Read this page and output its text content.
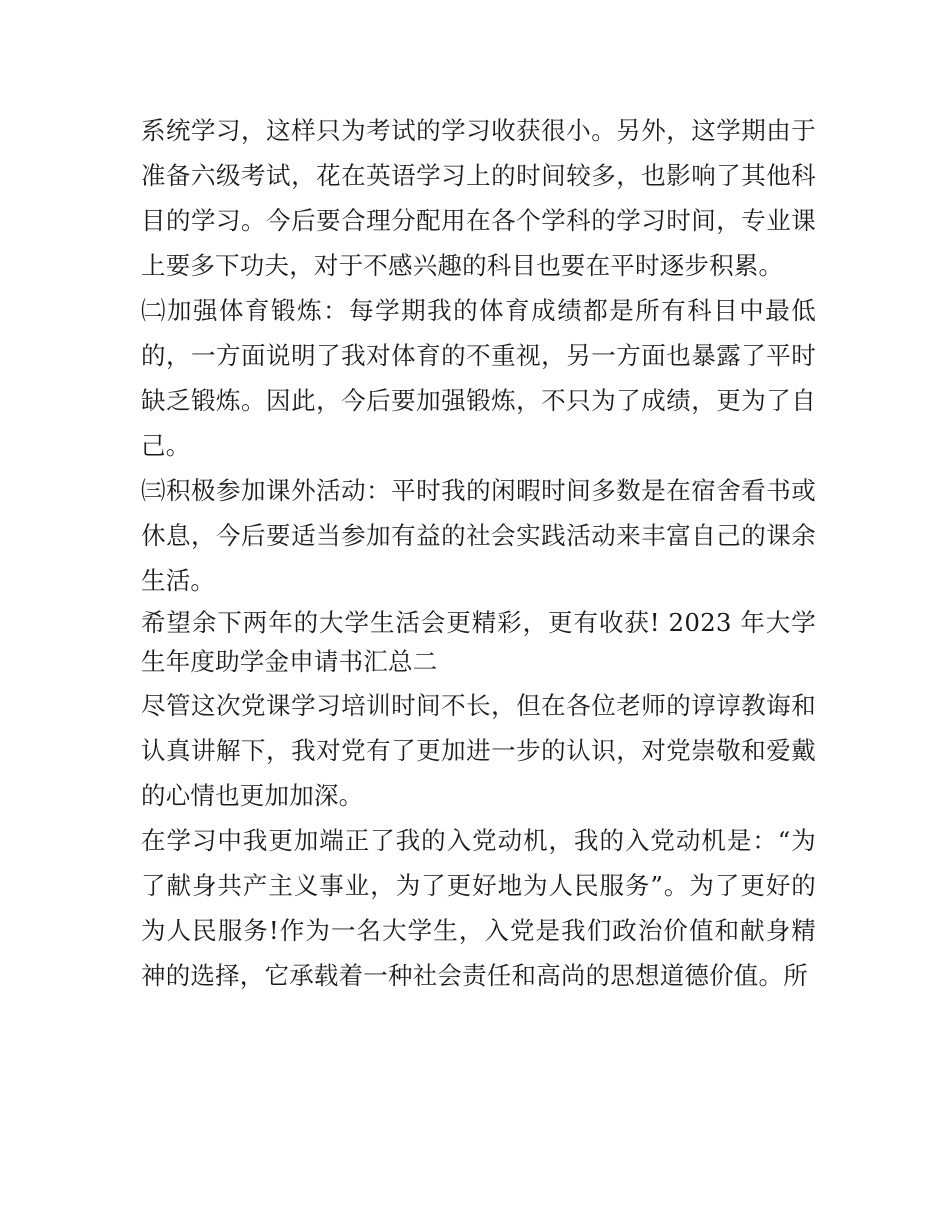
系统学习，这样只为考试的学习收获很小。另外，这学期由于准备六级考试，花在英语学习上的时间较多，也影响了其他科目的学习。今后要合理分配用在各个学科的学习时间，专业课上要多下功夫，对于不感兴趣的科目也要在平时逐步积累。

㈡加强体育锻炼：每学期我的体育成绩都是所有科目中最低的，一方面说明了我对体育的不重视，另一方面也暴露了平时缺乏锻炼。因此，今后要加强锻炼，不只为了成绩，更为了自己。

㈢积极参加课外活动：平时我的闲暇时间多数是在宿舍看书或休息，今后要适当参加有益的社会实践活动来丰富自己的课余生活。

希望余下两年的大学生活会更精彩，更有收获! 2023 年大学生年度助学金申请书汇总二

尽管这次党课学习培训时间不长，但在各位老师的谆谆教诲和认真讲解下，我对党有了更加进一步的认识，对党崇敬和爱戴的心情也更加加深。

在学习中我更加端正了我的入党动机，我的入党动机是：“为了献身共产主义事业，为了更好地为人民服务”。为了更好的为人民服务!作为一名大学生，入党是我们政治价值和献身精神的选择，它承载着一种社会责任和高尚的思想道德价值。所
